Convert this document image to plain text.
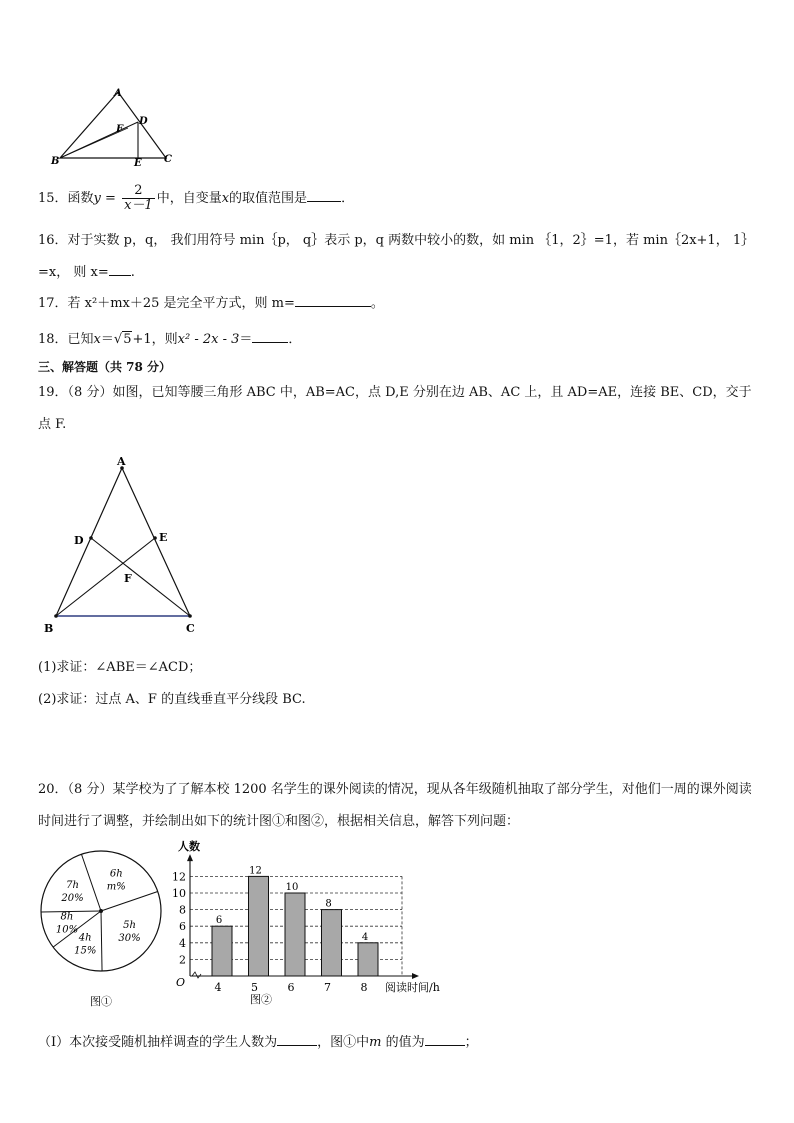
A
B	C
D
E
F
15．函数$y = \frac{2}{x-1}$ 中，自变量x的取值范围是	．
16．对于实数 p，q， 我们用符号 min｛p， q｝表示 p，q 两数中较小的数，如 min ｛1，2｝=1，若 min｛2x+1， 1｝
=x， 则 x= .
17．若 x²＋mx＋25 是完全平方式，则 m=	。
18．已知x＝√5+1，则x² - 2x - 3＝	．
三、解答题（共 78 分）
19．（8 分）如图，已知等腰三角形 ABC 中，AB=AC，点 D,E 分别在边 AB、AC 上，且 AD=AE，连接 BE、CD，交于点 F.
A
D	E
F
B	C
(1)求证：∠ABE＝∠ACD；
(2)求证：过点 A、F 的直线垂直平分线段 BC.
20．（8 分）某学校为了了解本校 1200 名学生的课外阅读的情况，现从各年级随机抽取了部分学生，对他们一周的课外阅读时间进行了调整，并绘制出如下的统计图①和图②，根据相关信息，解答下列问题：
6h
m%
5h
30%
4h
15%
8h
10%
7h
20%
图①
2
4
6
8
10
12
人数
O	阅读时间/h
6
4
12
5
10
6
8
7
4
8
图②
（Ⅰ）本次接受随机抽样调查的学生人数为	，图①中m 的值为	；
